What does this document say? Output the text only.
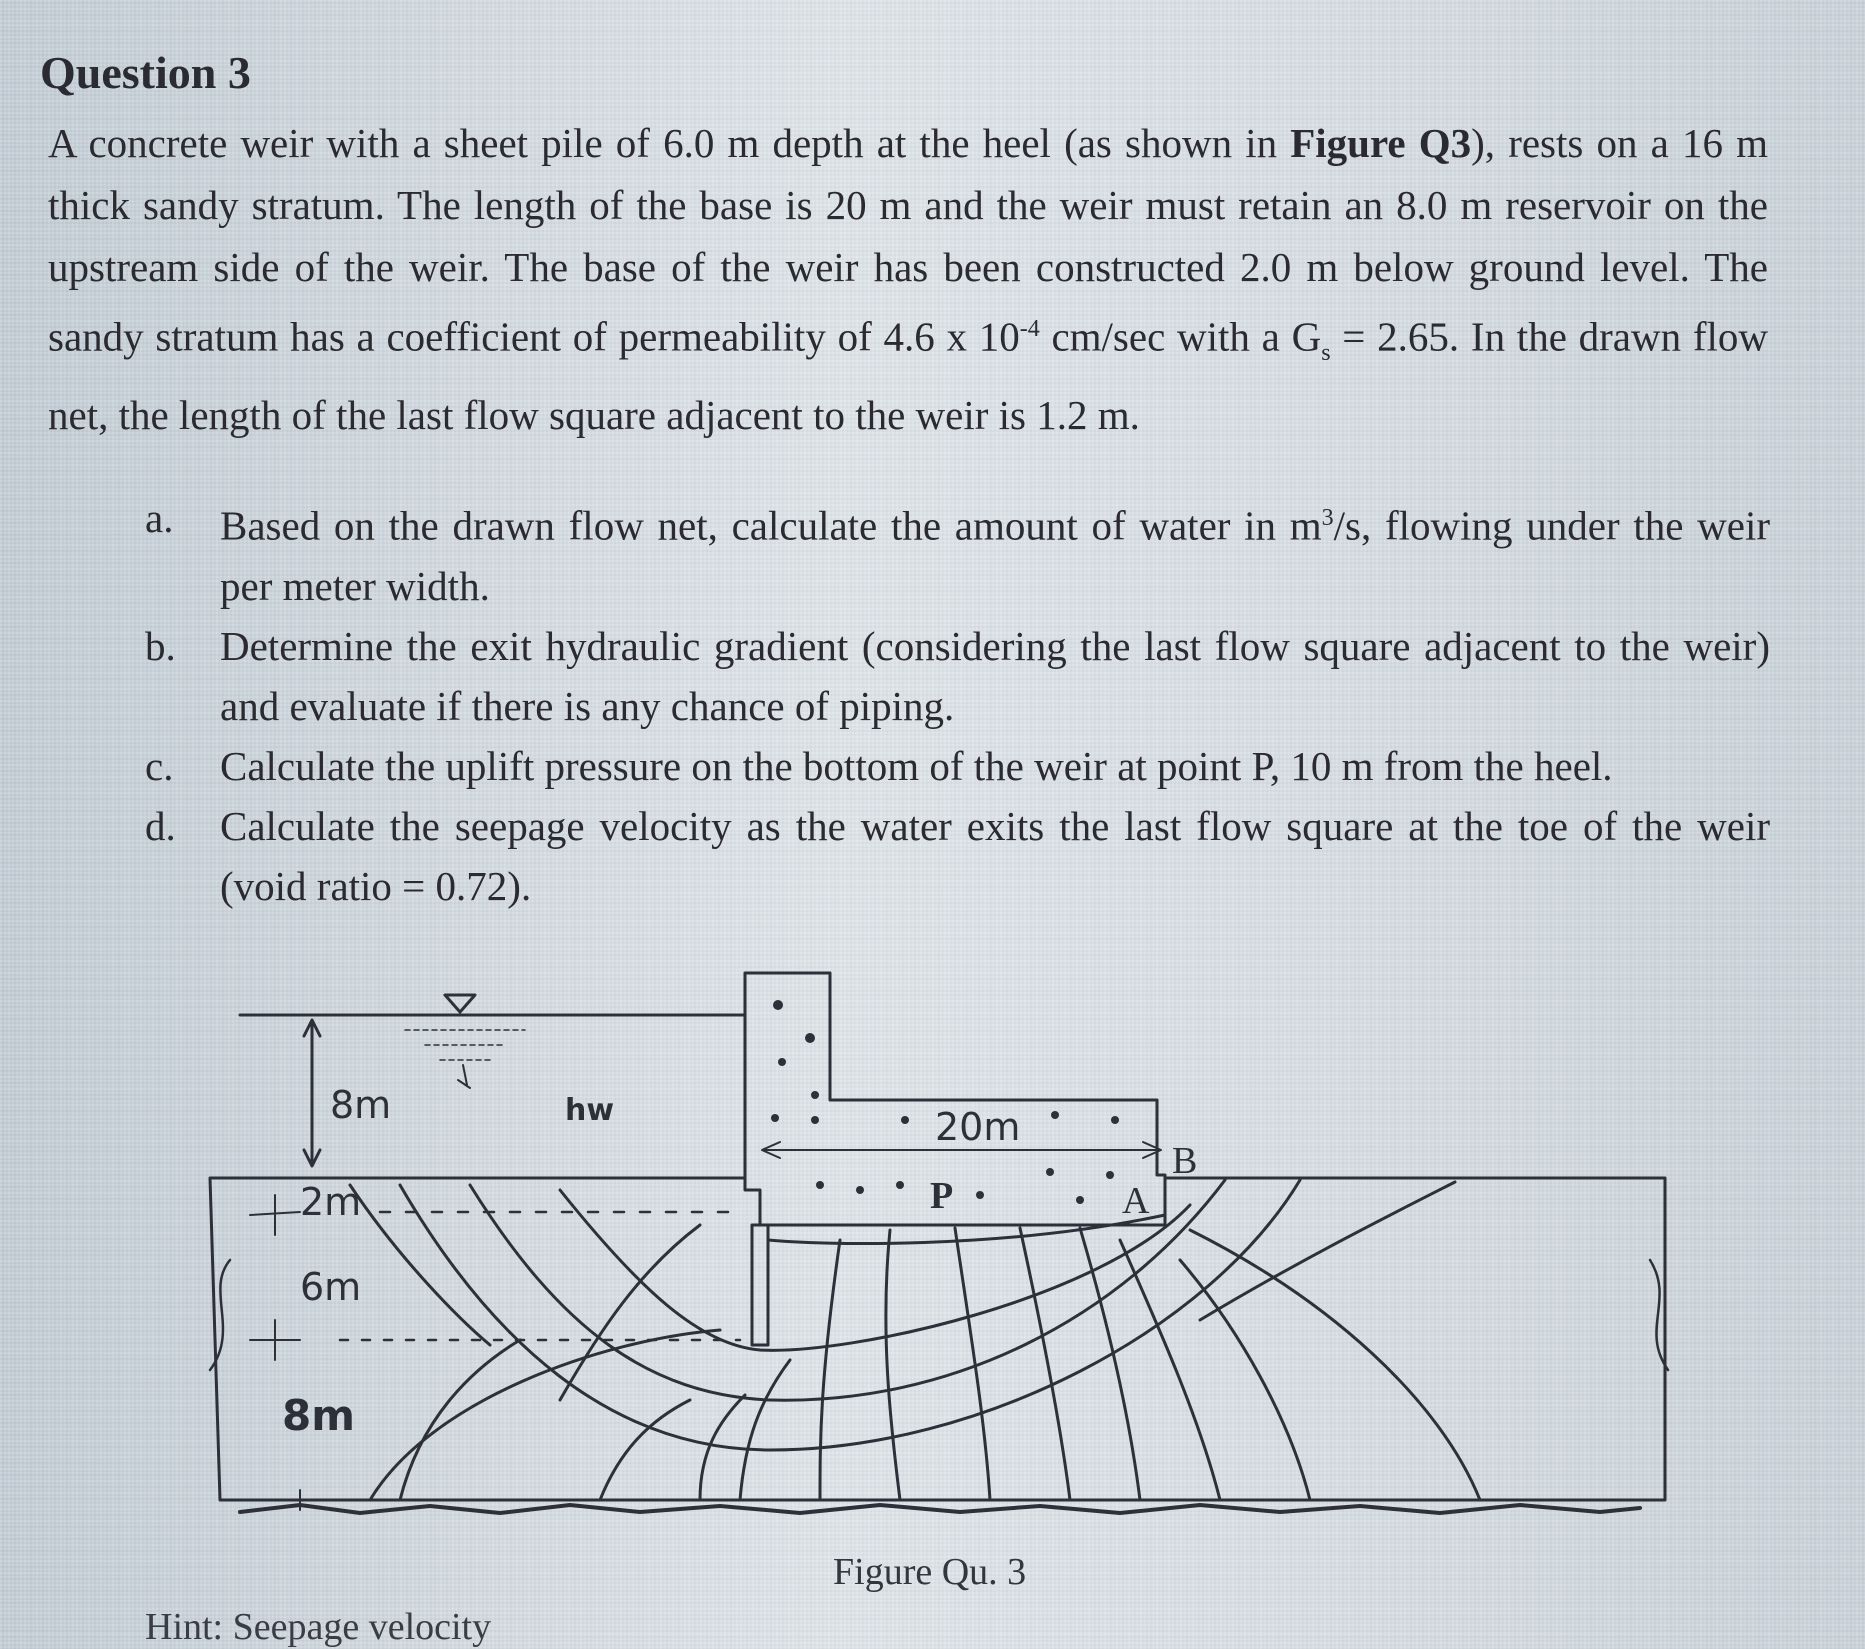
Question 3
A concrete weir with a sheet pile of 6.0 m depth at the heel (as shown in Figure Q3), rests on a 16 m thick sandy stratum. The length of the base is 20 m and the weir must retain an 8.0 m reservoir on the upstream side of the weir. The base of the weir has been constructed 2.0 m below ground level. The sandy stratum has a coefficient of permeability of 4.6 x $10^{-4}$ cm/sec with a $G_s = 2.65$. In the drawn flow net, the length of the last flow square adjacent to the weir is 1.2 m.
a. Based on the drawn flow net, calculate the amount of water in $m^3/s$, flowing under the weir per meter width.
b. Determine the exit hydraulic gradient (considering the last flow square adjacent to the weir) and evaluate if there is any chance of piping.
c. Calculate the uplift pressure on the bottom of the weir at point P, 10 m from the heel.
d. Calculate the seepage velocity as the water exits the last flow square at the toe of the weir (void ratio = 0.72).
8m
2m
6m
8m
hw	20m
P	A
B
Figure Qu. 3
Hint: Seepage velocity
